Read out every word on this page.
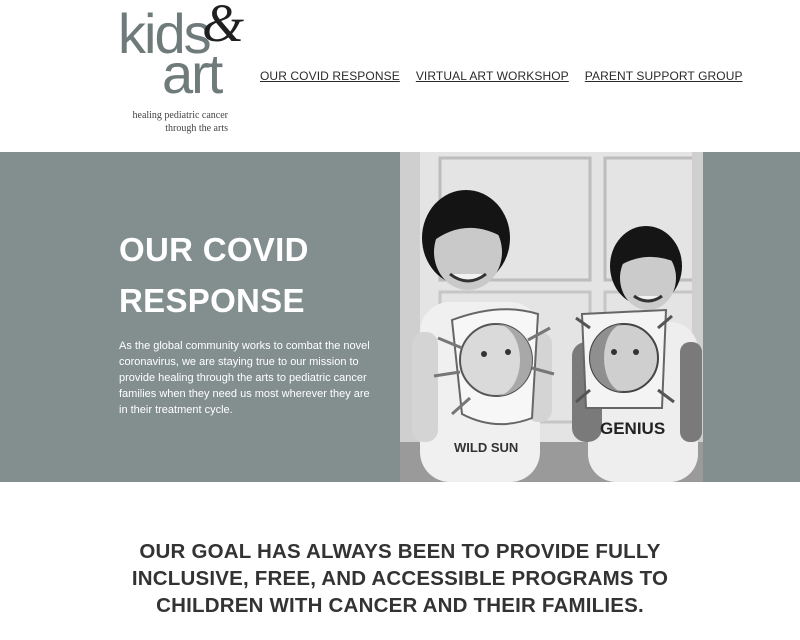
kids
&
art
healing pediatric cancer
through the arts
OUR COVID RESPONSE VIRTUAL ART WORKSHOP PARENT SUPPORT GROUP
OUR COVID
RESPONSE

As the global community works to combat the novel coronavirus, we are staying true to our mission to provide healing through the arts to pediatric cancer families when they need us most wherever they are in their treatment cycle.

WILD SUN
GENIUS
OUR GOAL HAS ALWAYS BEEN TO PROVIDE FULLY
INCLUSIVE, FREE, AND ACCESSIBLE PROGRAMS TO
CHILDREN WITH CANCER AND THEIR FAMILIES.
